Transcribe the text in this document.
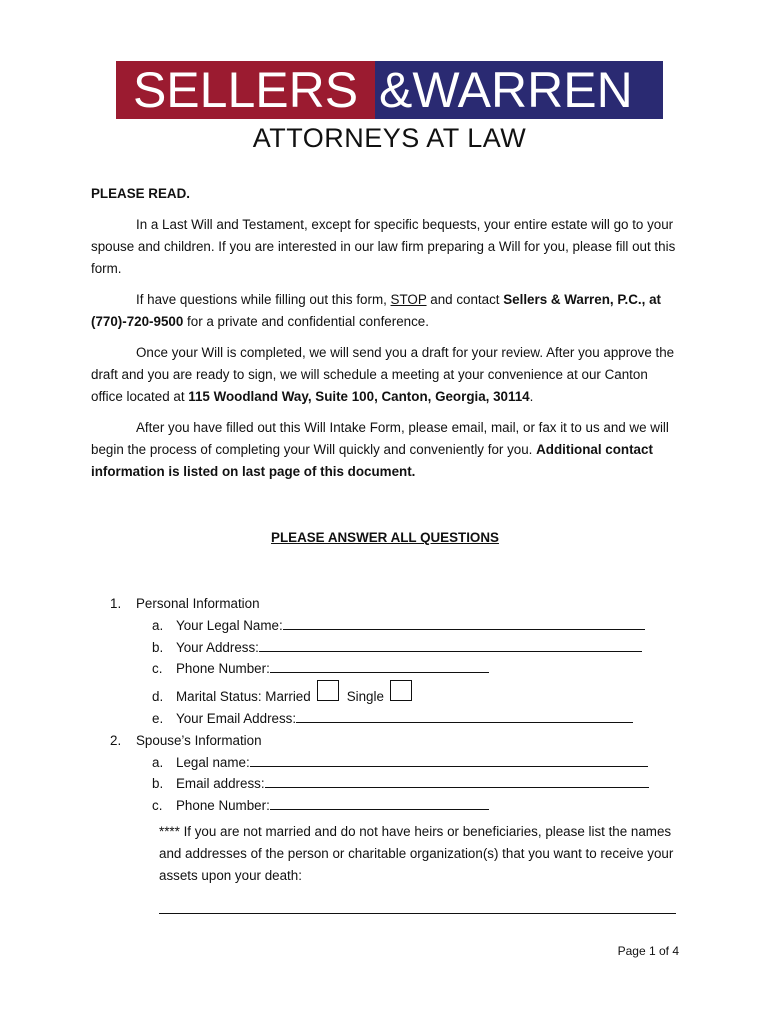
SELLERS &WARREN
ATTORNEYS AT LAW

PLEASE READ.

In a Last Will and Testament, except for specific bequests, your entire estate will go to your spouse and children. If you are interested in our law firm preparing a Will for you, please fill out this form.

If have questions while filling out this form, STOP and contact Sellers & Warren, P.C., at (770)-720-9500 for a private and confidential conference.

Once your Will is completed, we will send you a draft for your review. After you approve the draft and you are ready to sign, we will schedule a meeting at your convenience at our Canton office located at 115 Woodland Way, Suite 100, Canton, Georgia, 30114.

After you have filled out this Will Intake Form, please email, mail, or fax it to us and we will begin the process of completing your Will quickly and conveniently for you. Additional contact information is listed on last page of this document.

PLEASE ANSWER ALL QUESTIONS
1.	Personal Information
a. Your Legal Name:
b. Your Address:
c.	Phone Number:
d. Marital Status: Married	Single
e. Your Email Address:
2.	Spouse’s Information
a. Legal name:
b. Email address:
c.	Phone Number:
**** If you are not married and do not have heirs or beneficiaries, please list the names and addresses of the person or charitable organization(s) that you want to receive your assets upon your death:
Page 1 of 4
